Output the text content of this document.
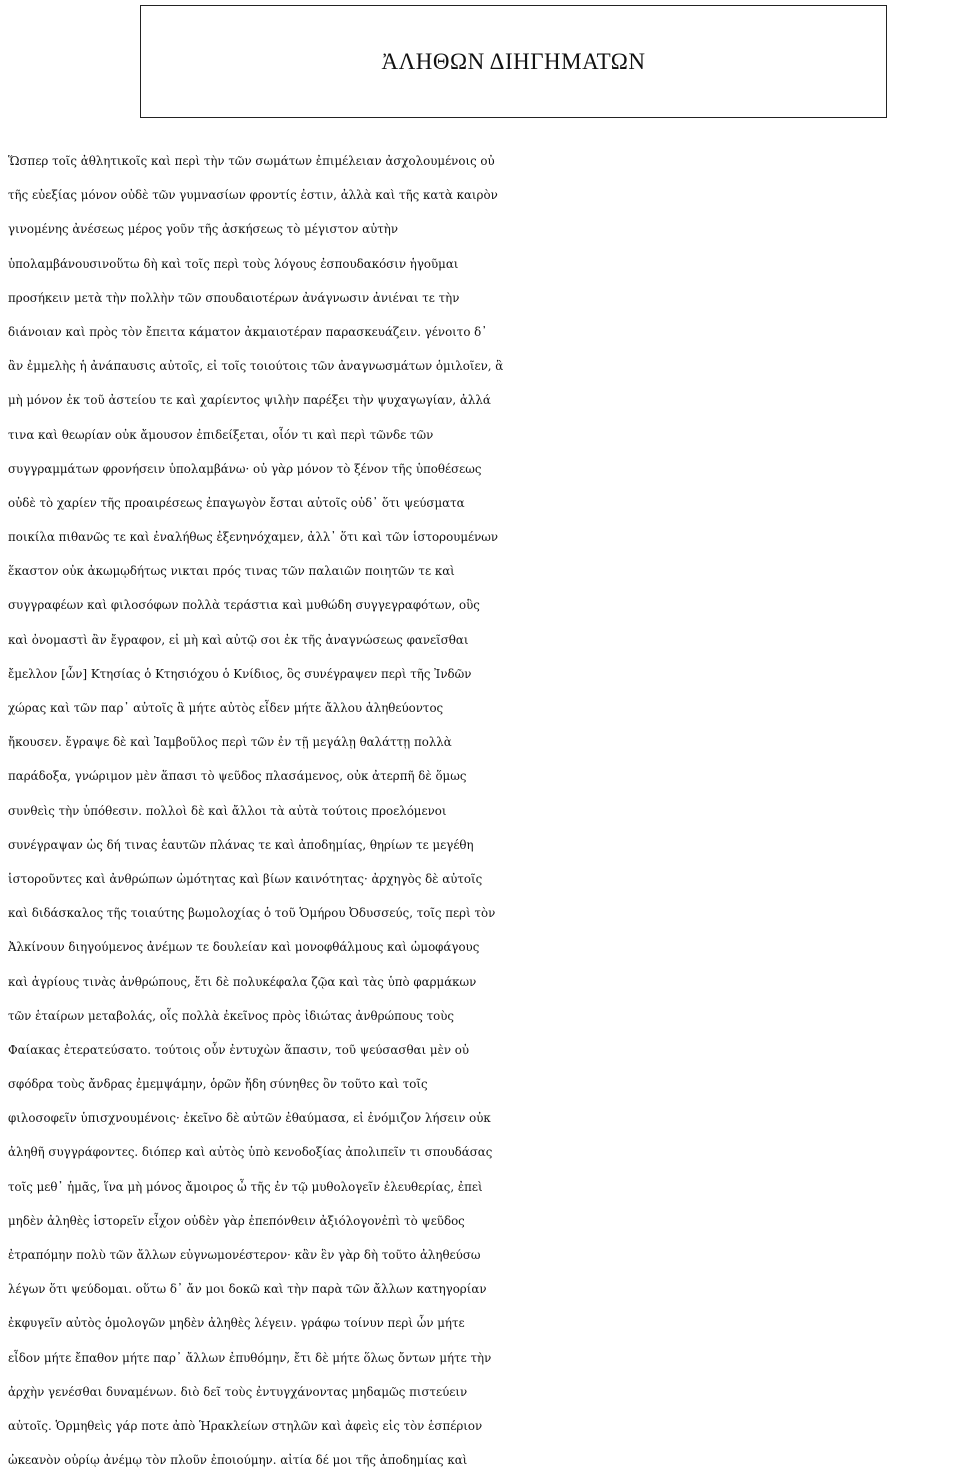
ἈΛΗΘΩΝ ΔΙΗΓΗΜΑΤΩΝ
Ὥσπερ τοῖς ἀθλητικοῖς καὶ περὶ τὴν τῶν σωμάτων ἐπιμέλειαν ἀσχολουμένοις οὐ
τῆς εὐεξίας μόνον οὐδὲ τῶν γυμνασίων φροντίς ἐστιν, ἀλλὰ καὶ τῆς κατὰ καιρὸν
γινομένης ἀνέσεως μέρος γοῦν τῆς ἀσκήσεως τὸ μέγιστον αὐτὴν
ὑπολαμβάνουσινοὕτω δὴ καὶ τοῖς περὶ τοὺς λόγους ἐσπουδακόσιν ἡγοῦμαι
προσήκειν μετὰ τὴν πολλὴν τῶν σπουδαιοτέρων ἀνάγνωσιν ἀνιέναι τε τὴν
διάνοιαν καὶ πρὸς τὸν ἔπειτα κάματον ἀκμαιοτέραν παρασκευάζειν. γένοιτο δ᾽
ἂν ἐμμελὴς ἡ ἀνάπαυσις αὐτοῖς, εἰ τοῖς τοιούτοις τῶν ἀναγνωσμάτων ὁμιλοῖεν, ἃ
μὴ μόνον ἐκ τοῦ ἀστείου τε καὶ χαρίεντος ψιλὴν παρέξει τὴν ψυχαγωγίαν, ἀλλά
τινα καὶ θεωρίαν οὐκ ἄμουσον ἐπιδείξεται, οἷόν τι καὶ περὶ τῶνδε τῶν
συγγραμμάτων φρονήσειν ὑπολαμβάνω· οὐ γὰρ μόνον τὸ ξένον τῆς ὑποθέσεως
οὐδὲ τὸ χαρίεν τῆς προαιρέσεως ἐπαγωγὸν ἔσται αὐτοῖς οὐδ᾽ ὅτι ψεύσματα
ποικίλα πιθανῶς τε καὶ ἐναλήθως ἐξενηνόχαμεν, ἀλλ᾽ ὅτι καὶ τῶν ἱστορουμένων
ἕκαστον οὐκ ἀκωμῳδήτως νικται πρός τινας τῶν παλαιῶν ποιητῶν τε καὶ
συγγραφέων καὶ φιλοσόφων πολλὰ τεράστια καὶ μυθώδη συγγεγραφότων, οὓς
καὶ ὀνομαστὶ ἂν ἔγραφον, εἰ μὴ καὶ αὐτῷ σοι ἐκ τῆς ἀναγνώσεως φανεῖσθαι
ἔμελλον [ὧν] Κτησίας ὁ Κτησιόχου ὁ Κνίδιος, ὃς συνέγραψεν περὶ τῆς Ἰνδῶν
χώρας καὶ τῶν παρ᾽ αὐτοῖς ἃ μήτε αὐτὸς εἶδεν μήτε ἄλλου ἀληθεύοντος
ἤκουσεν. ἔγραψε δὲ καὶ Ἰαμβοῦλος περὶ τῶν ἐν τῇ μεγάλῃ θαλάττῃ πολλὰ
παράδοξα, γνώριμον μὲν ἅπασι τὸ ψεῦδος πλασάμενος, οὐκ ἀτερπῆ δὲ ὅμως
συνθεὶς τὴν ὑπόθεσιν. πολλοὶ δὲ καὶ ἄλλοι τὰ αὐτὰ τούτοις προελόμενοι
συνέγραψαν ὡς δή τινας ἑαυτῶν πλάνας τε καὶ ἀποδημίας, θηρίων τε μεγέθη
ἱστοροῦντες καὶ ἀνθρώπων ὠμότητας καὶ βίων καινότητας· ἀρχηγὸς δὲ αὐτοῖς
καὶ διδάσκαλος τῆς τοιαύτης βωμολοχίας ὁ τοῦ Ὁμήρου Ὀδυσσεύς, τοῖς περὶ τὸν
Ἀλκίνουν διηγούμενος ἀνέμων τε δουλείαν καὶ μονοφθάλμους καὶ ὠμοφάγους
καὶ ἀγρίους τινὰς ἀνθρώπους, ἔτι δὲ πολυκέφαλα ζῷα καὶ τὰς ὑπὸ φαρμάκων
τῶν ἑταίρων μεταβολάς, οἷς πολλὰ ἐκεῖνος πρὸς ἰδιώτας ἀνθρώπους τοὺς
Φαίακας ἐτερατεύσατο. τούτοις οὖν ἐντυχὼν ἅπασιν, τοῦ ψεύσασθαι μὲν οὐ
σφόδρα τοὺς ἄνδρας ἐμεμψάμην, ὁρῶν ἤδη σύνηθες ὂν τοῦτο καὶ τοῖς
φιλοσοφεῖν ὑπισχνουμένοις· ἐκεῖνο δὲ αὐτῶν ἐθαύμασα, εἰ ἐνόμιζον λήσειν οὐκ
ἀληθῆ συγγράφοντες. διόπερ καὶ αὐτὸς ὑπὸ κενοδοξίας ἀπολιπεῖν τι σπουδάσας
τοῖς μεθ᾽ ἡμᾶς, ἵνα μὴ μόνος ἄμοιρος ὦ τῆς ἐν τῷ μυθολογεῖν ἐλευθερίας, ἐπεὶ
μηδὲν ἀληθὲς ἱστορεῖν εἶχον οὐδὲν γὰρ ἐπεπόνθειν ἀξιόλογονἐπὶ τὸ ψεῦδος
ἐτραπόμην πολὺ τῶν ἄλλων εὐγνωμονέστερον· κἂν ἓν γὰρ δὴ τοῦτο ἀληθεύσω
λέγων ὅτι ψεύδομαι. οὕτω δ᾽ ἄν μοι δοκῶ καὶ τὴν παρὰ τῶν ἄλλων κατηγορίαν
ἐκφυγεῖν αὐτὸς ὁμολογῶν μηδὲν ἀληθὲς λέγειν. γράφω τοίνυν περὶ ὧν μήτε
εἶδον μήτε ἔπαθον μήτε παρ᾽ ἄλλων ἐπυθόμην, ἔτι δὲ μήτε ὅλως ὄντων μήτε τὴν
ἀρχὴν γενέσθαι δυναμένων. διὸ δεῖ τοὺς ἐντυγχάνοντας μηδαμῶς πιστεύειν
αὐτοῖς. Ὁρμηθεὶς γάρ ποτε ἀπὸ Ἡρακλείων στηλῶν καὶ ἀφεὶς εἰς τὸν ἑσπέριον
ὠκεανὸν οὐρίῳ ἀνέμῳ τὸν πλοῦν ἐποιούμην. αἰτία δέ μοι τῆς ἀποδημίας καὶ
